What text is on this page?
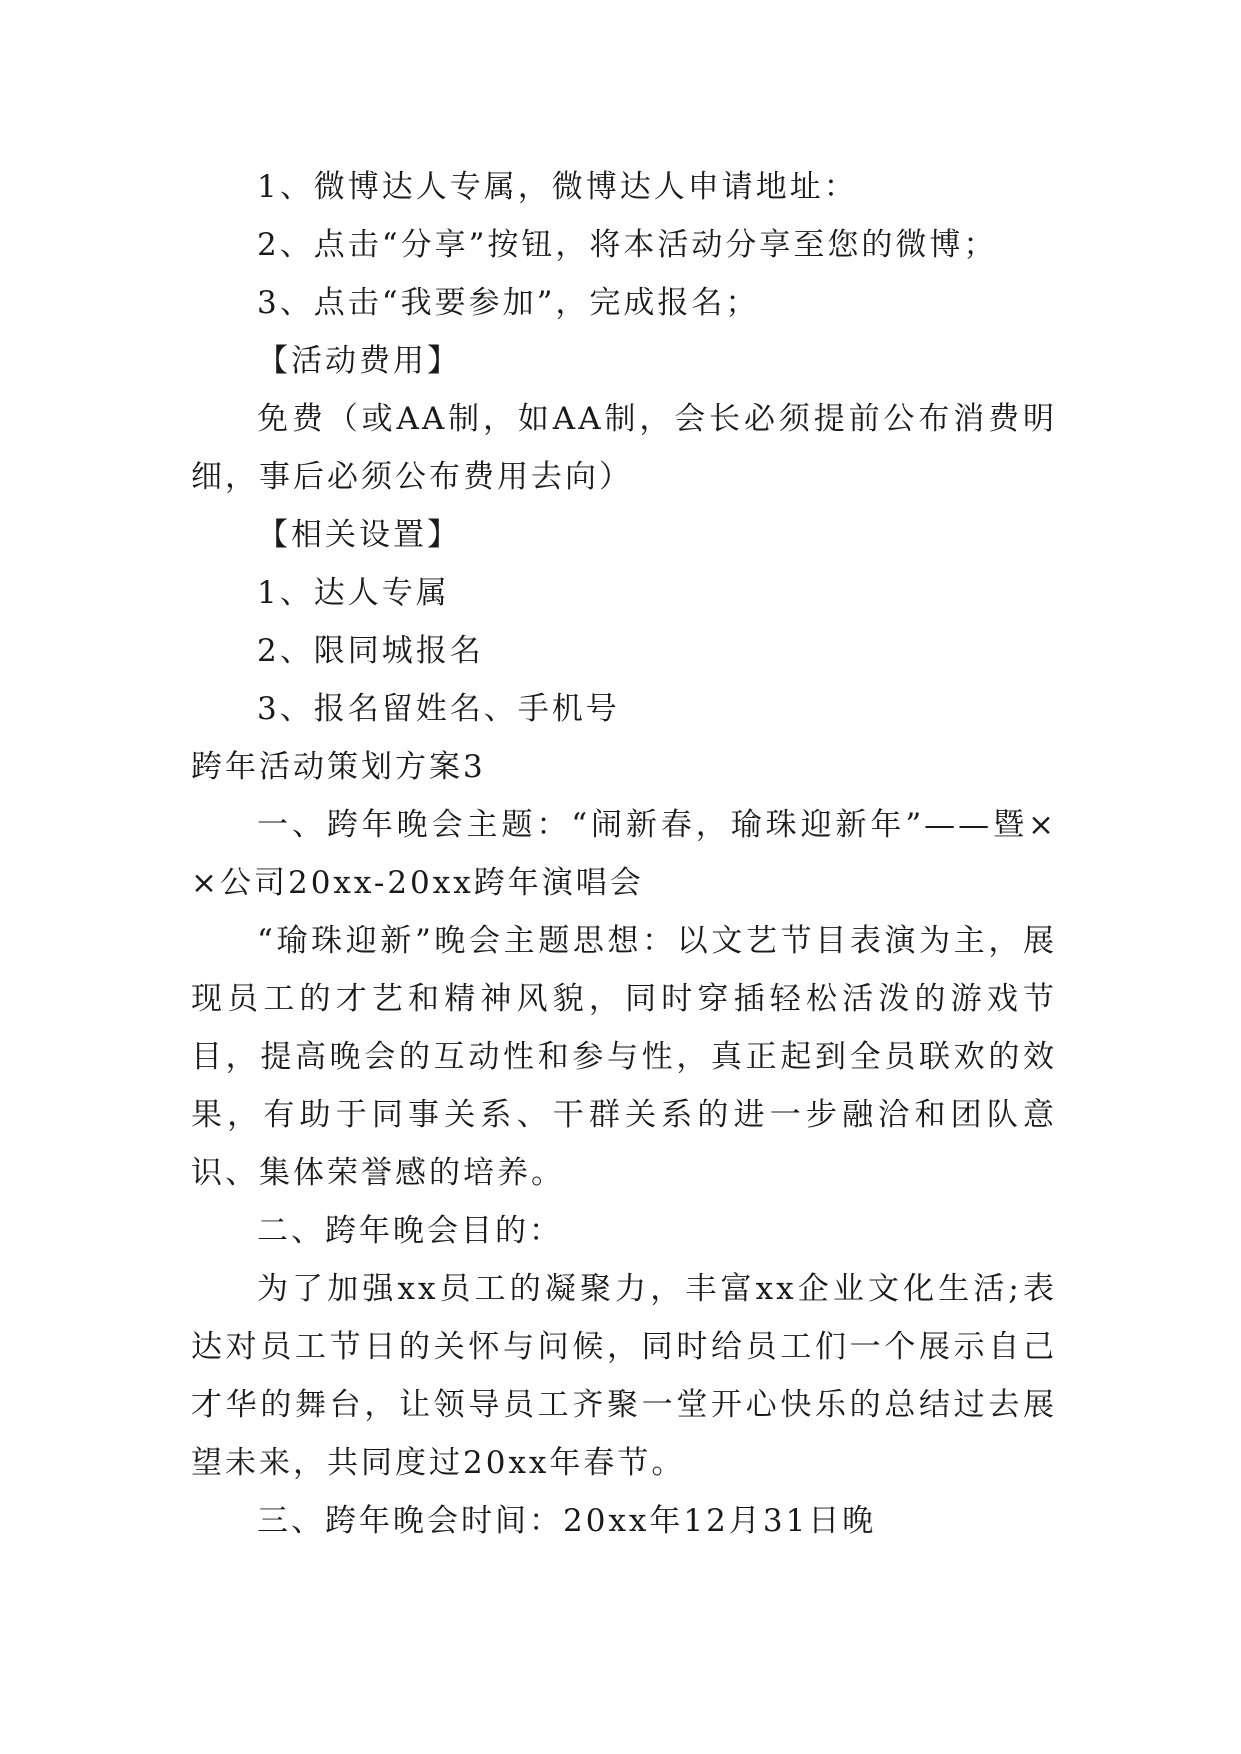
1、微博达人专属，微博达人申请地址：

2、点击“分享”按钮，将本活动分享至您的微博；

3、点击“我要参加”，完成报名；

【活动费用】

免费（或AA制，如AA制，会长必须提前公布消费明细，事后必须公布费用去向）

【相关设置】

1、达人专属

2、限同城报名

3、报名留姓名、手机号

跨年活动策划方案3

一、跨年晚会主题：“闹新春，瑜珠迎新年”——暨××公司20xx-20xx跨年演唱会

“瑜珠迎新”晚会主题思想：以文艺节目表演为主，展现员工的才艺和精神风貌，同时穿插轻松活泼的游戏节目，提高晚会的互动性和参与性，真正起到全员联欢的效果，有助于同事关系、干群关系的进一步融洽和团队意识、集体荣誉感的培养。

二、跨年晚会目的：

为了加强xx员工的凝聚力，丰富xx企业文化生活;表达对员工节日的关怀与问候，同时给员工们一个展示自己才华的舞台，让领导员工齐聚一堂开心快乐的总结过去展望未来，共同度过20xx年春节。

三、跨年晚会时间：20xx年12月31日晚
